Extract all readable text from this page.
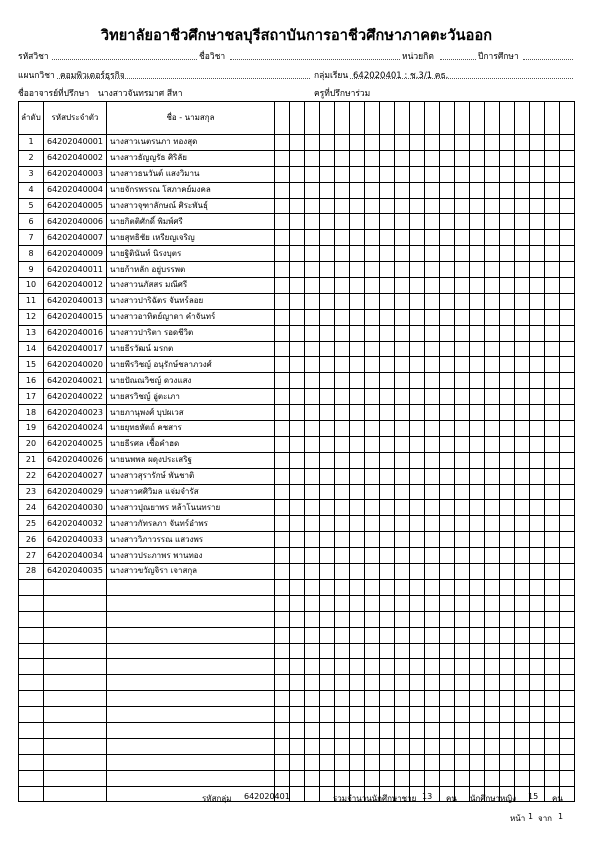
วิทยาลัยอาชีวศึกษาชลบุรีสถาบันการอาชีวศึกษาภาคตะวันออก
รหัสวิชา	ชื่อวิชา	หน่วยกิต	ปีการศึกษา
แผนกวิชา คอมพิวเตอร์ธุรกิจ	กลุ่มเรียน 642020401 : ช.3/1 คธ.
ชื่ออาจารย์ที่ปรึกษา นางสาวจันทรมาศ สีหา	ครูที่ปรึกษาร่วม
ลำดับ	รหัสประจำตัว	ชื่อ - นามสกุล																				
1	64202040001	นางสาวเนตรนภา ทองสุด																				
2	64202040002	นางสาวธัญญรัธ ศิริลัย																				
3	64202040003	นางสาวธนวันต์ แสงวิมาน																				
4	64202040004	นายจักรพรรณ โสภาคย์มงคล																				
5	64202040005	นางสาวจุฑาลักษณ์ ศิระพันธุ์																				
6	64202040006	นายกิตติศักดิ์ พิมพ์ศรี																				
7	64202040007	นายสุทธิชัย เหรียญเจริญ																				
8	64202040009	นายฐิตินันท์ นิรงบุตร																				
9	64202040011	นายก้าหลัก อยู่บรรพต																				
10	64202040012	นางสาวนภัสสร มณีศรี																				
11	64202040013	นางสาวปาริฉัตร จันทร์ลอย																				
12	64202040015	นางสาวอาทิตย์ญาดา คำจันทร์																				
13	64202040016	นางสาวปาริตา รอดชีวิต																				
14	64202040017	นายธีรวัฒน์ มรกต																				
15	64202040020	นายพีรวิชญ์ อนุรักษ์ชลาภวงศ์																				
16	64202040021	นายปัณณวิชญ์ ดวงแสง																				
17	64202040022	นายสรวิชญ์ อู่ตะเภา																				
18	64202040023	นายภานุพงศ์ บุปผเวส																				
19	64202040024	นายยุทธหัตถ์ คชสาร																				
20	64202040025	นายธีรศล เชื้อคำฮด																				
21	64202040026	นายนพพล ผดุงประเสริฐ																				
22	64202040027	นางสาวสุรารักษ์ พันชาติ																				
23	64202040029	นางสาวศศิวิมล แจ่มจำรัส																				
24	64202040030	นางสาวปุณยาพร หล้าโนนทราย																				
25	64202040032	นางสาวกัทรลภา จันทร์อำพร																				
26	64202040033	นางสาววิภาวรรณ แสวงพร																				
27	64202040034	นางสาวประภาพร พานทอง																				
28	64202040035	นางสาวขวัญจิรา เจาสกุล																				

รหัสกลุ่ม 642020401	รวมจำนวนนักศึกษาชาย 13 คน นักศึกษาหญิง 15 คน
หน้า 1 จาก 1
